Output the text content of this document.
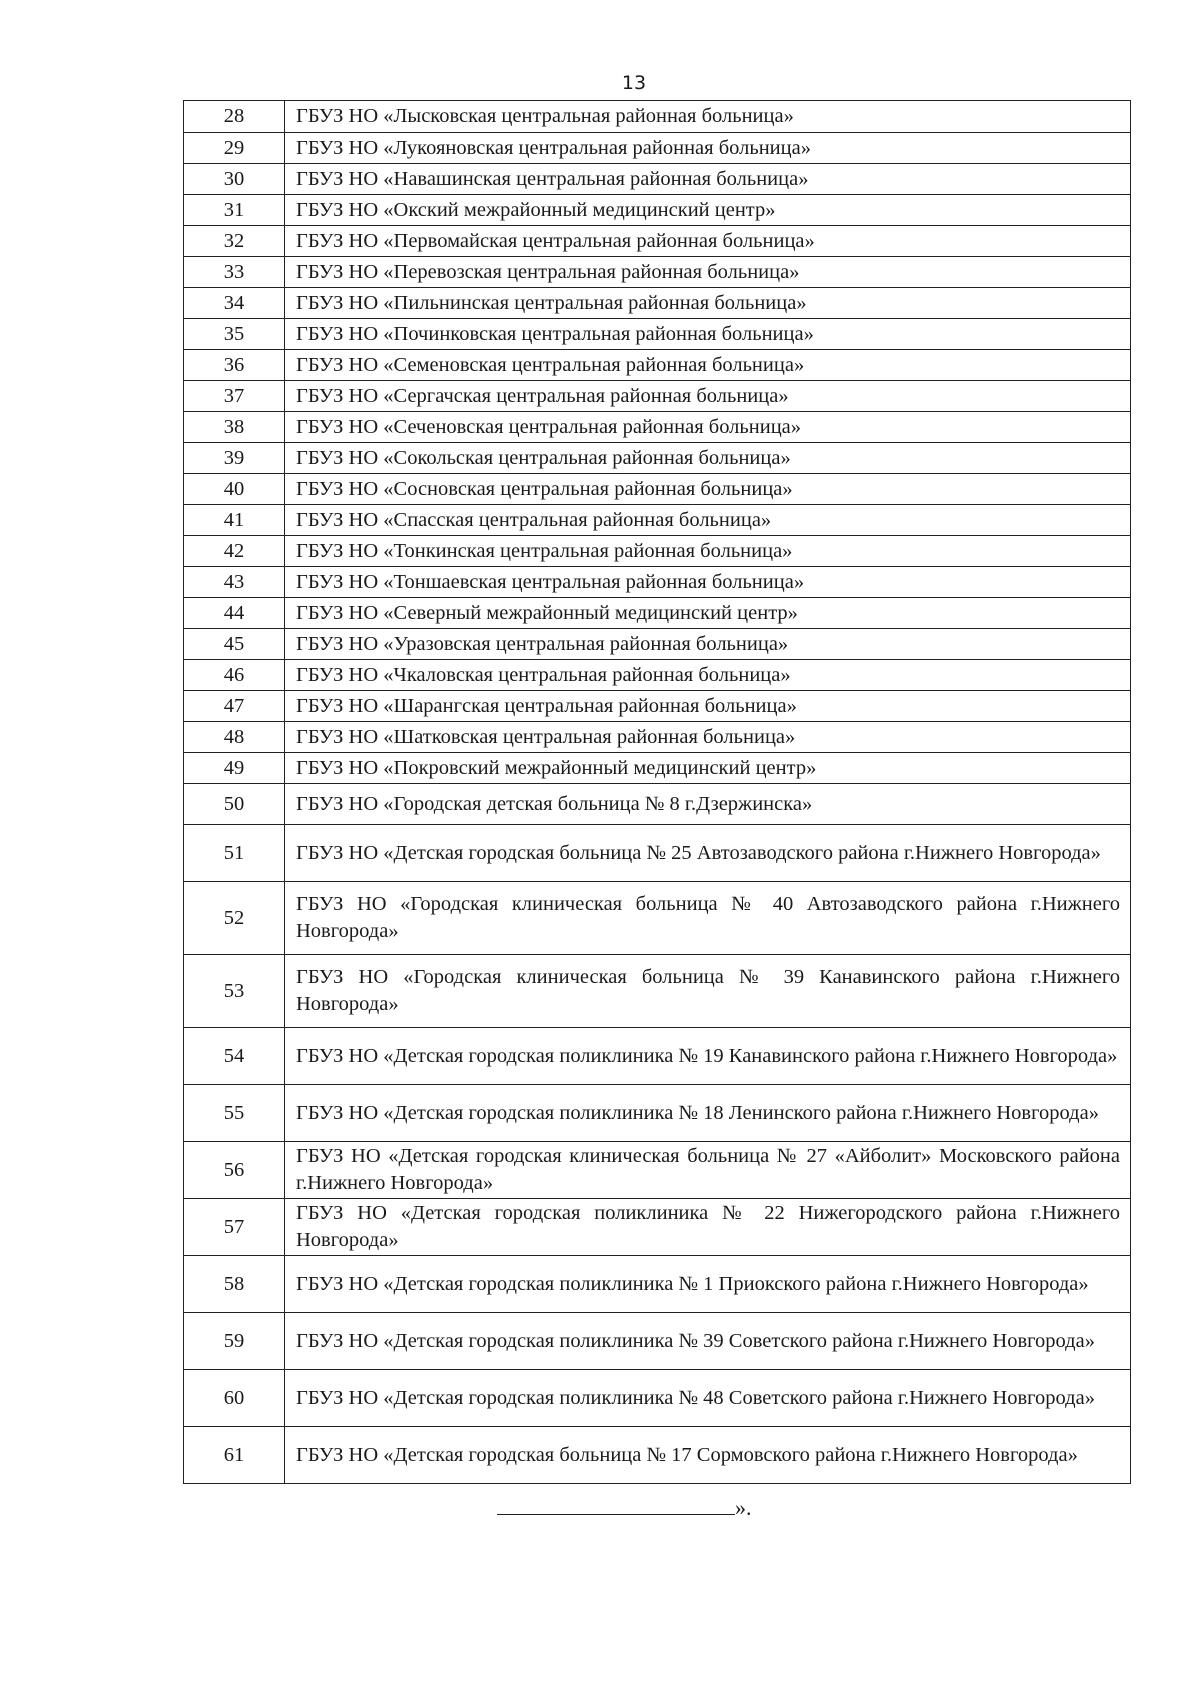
13
28	ГБУЗ НО «Лысковская центральная районная больница»
29	ГБУЗ НО «Лукояновская центральная районная больница»
30	ГБУЗ НО «Навашинская центральная районная больница»
31	ГБУЗ НО «Окский межрайонный медицинский центр»
32	ГБУЗ НО «Первомайская центральная районная больница»
33	ГБУЗ НО «Перевозская центральная районная больница»
34	ГБУЗ НО «Пильнинская центральная районная больница»
35	ГБУЗ НО «Починковская центральная районная больница»
36	ГБУЗ НО «Семеновская центральная районная больница»
37	ГБУЗ НО «Сергачская центральная районная больница»
38	ГБУЗ НО «Сеченовская центральная районная больница»
39	ГБУЗ НО «Сокольская центральная районная больница»
40	ГБУЗ НО «Сосновская центральная районная больница»
41	ГБУЗ НО «Спасская центральная районная больница»
42	ГБУЗ НО «Тонкинская центральная районная больница»
43	ГБУЗ НО «Тоншаевская центральная районная больница»
44	ГБУЗ НО «Северный межрайонный медицинский центр»
45	ГБУЗ НО «Уразовская центральная районная больница»
46	ГБУЗ НО «Чкаловская центральная районная больница»
47	ГБУЗ НО «Шарангская центральная районная больница»
48	ГБУЗ НО «Шатковская центральная районная больница»
49	ГБУЗ НО «Покровский межрайонный медицинский центр»
50	ГБУЗ НО «Городская детская больница № 8 г.Дзержинска»
51	ГБУЗ НО «Детская городская больница № 25 Автозаводского района г.Нижнего Новгорода»
52	ГБУЗ НО «Городская клиническая больница № 40 Автозаводского района г.Нижнего Новгорода»
53	ГБУЗ НО «Городская клиническая больница № 39 Канавинского района г.Нижнего Новгорода»
54	ГБУЗ НО «Детская городская поликлиника № 19 Канавинского района г.Нижнего Новгорода»
55	ГБУЗ НО «Детская городская поликлиника № 18 Ленинского района г.Нижнего Новгорода»
56	ГБУЗ НО «Детская городская клиническая больница № 27 «Айболит» Московского района г.Нижнего Новгорода»
57	ГБУЗ НО «Детская городская поликлиника № 22 Нижегородского района г.Нижнего Новгорода»
58	ГБУЗ НО «Детская городская поликлиника № 1 Приокского района г.Нижнего Новгорода»
59	ГБУЗ НО «Детская городская поликлиника № 39 Советского района г.Нижнего Новгорода»
60	ГБУЗ НО «Детская городская поликлиника № 48 Советского района г.Нижнего Новгорода»
61	ГБУЗ НО «Детская городская больница № 17 Сормовского района г.Нижнего Новгорода»
».
